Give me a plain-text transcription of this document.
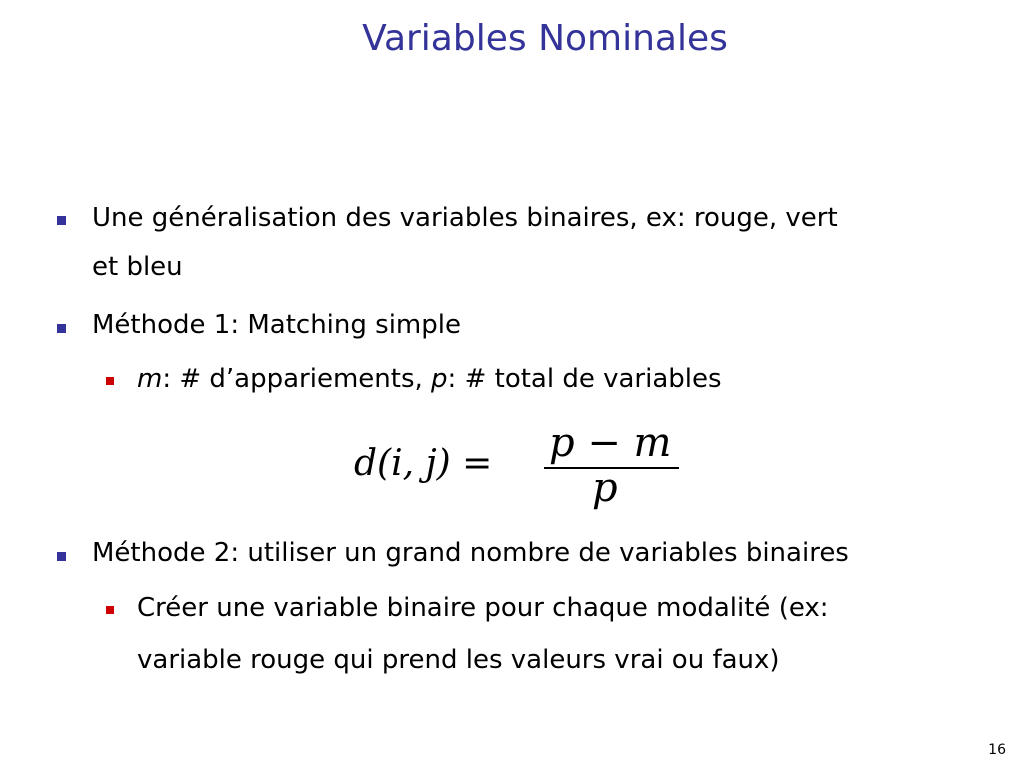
Variables Nominales
Une généralisation des variables binaires, ex: rouge, vert
et bleu
Méthode 1: Matching simple
m: # d’appariements, p: # total de variables
d(i, j) = p − m
p
Méthode 2: utiliser un grand nombre de variables binaires
Créer une variable binaire pour chaque modalité (ex:
variable rouge qui prend les valeurs vrai ou faux)
16
